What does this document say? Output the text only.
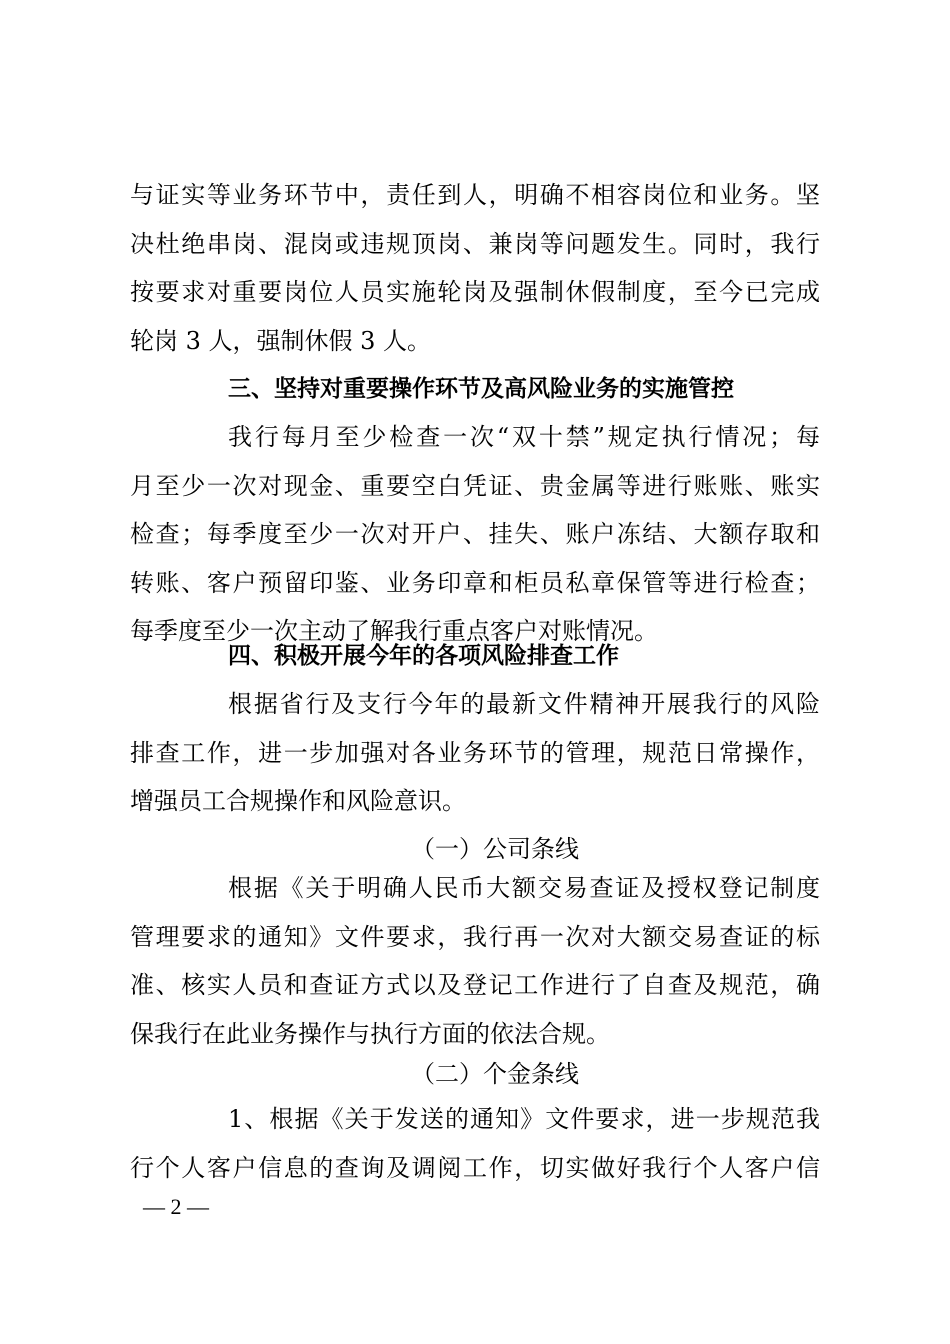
与证实等业务环节中，责任到人，明确不相容岗位和业务。坚
决杜绝串岗、混岗或违规顶岗、兼岗等问题发生。同时，我行
按要求对重要岗位人员实施轮岗及强制休假制度，至今已完成
轮岗 3 人，强制休假 3 人。
三、坚持对重要操作环节及高风险业务的实施管控
我行每月至少检查一次“双十禁”规定执行情况；每
月至少一次对现金、重要空白凭证、贵金属等进行账账、账实
检查；每季度至少一次对开户、挂失、账户冻结、大额存取和
转账、客户预留印鉴、业务印章和柜员私章保管等进行检查；
每季度至少一次主动了解我行重点客户对账情况。
四、积极开展今年的各项风险排查工作
根据省行及支行今年的最新文件精神开展我行的风险
排查工作，进一步加强对各业务环节的管理，规范日常操作，
增强员工合规操作和风险意识。
（一）公司条线
根据《关于明确人民币大额交易查证及授权登记制度
管理要求的通知》文件要求，我行再一次对大额交易查证的标
准、核实人员和查证方式以及登记工作进行了自查及规范，确
保我行在此业务操作与执行方面的依法合规。
（二）个金条线
1、根据《关于发送的通知》文件要求，进一步规范我
行个人客户信息的查询及调阅工作，切实做好我行个人客户信
— 2 —
